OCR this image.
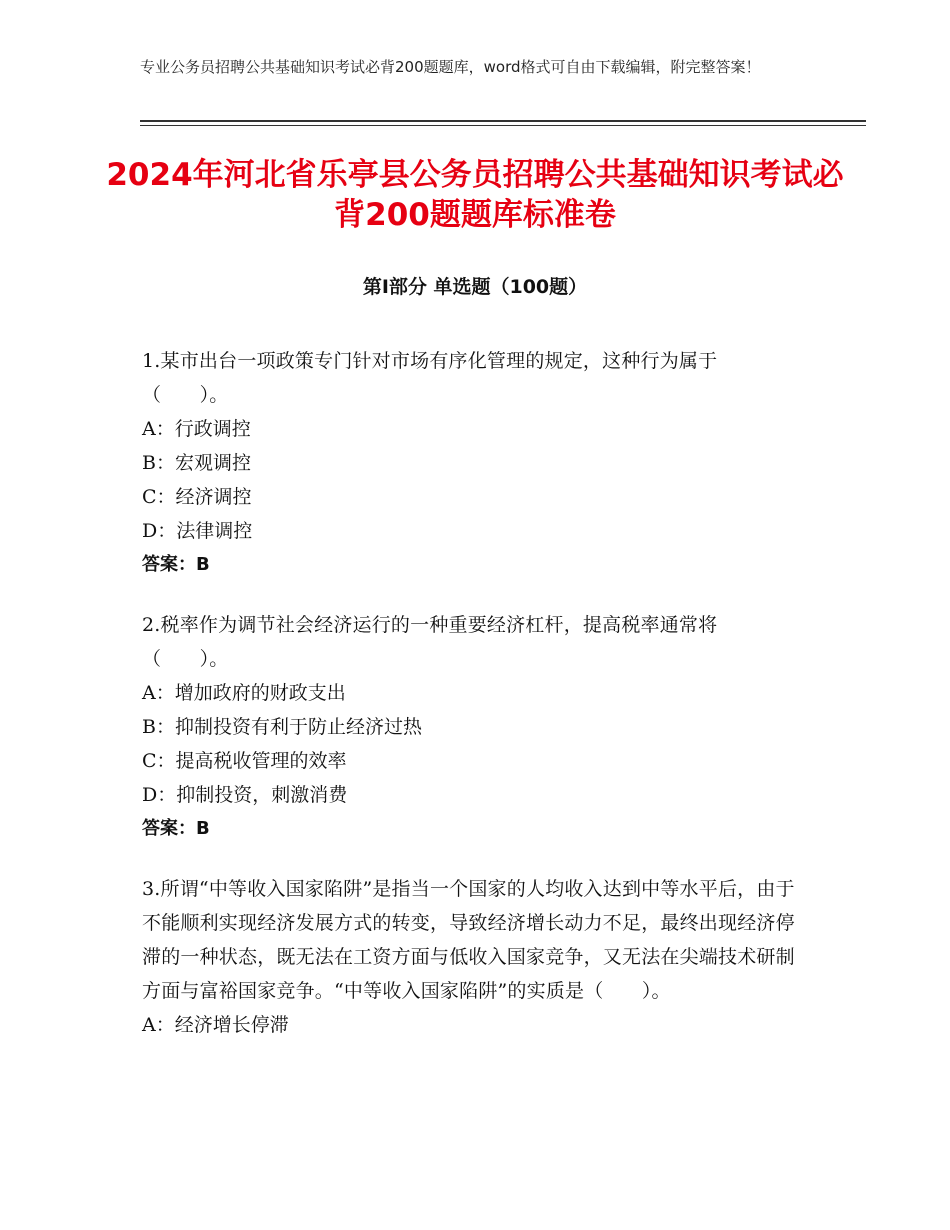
专业公务员招聘公共基础知识考试必背200题题库，word格式可自由下载编辑，附完整答案！
2024年河北省乐亭县公务员招聘公共基础知识考试必背200题题库标准卷
第Ⅰ部分 单选题（100题）

1.某市出台一项政策专门针对市场有序化管理的规定，这种行为属于（　　）。

A：行政调控

B：宏观调控

C：经济调控

D：法律调控

答案：B

2.税率作为调节社会经济运行的一种重要经济杠杆，提高税率通常将（　　）。

A：增加政府的财政支出

B：抑制投资有利于防止经济过热

C：提高税收管理的效率

D：抑制投资，刺激消费

答案：B

3.所谓“中等收入国家陷阱”是指当一个国家的人均收入达到中等水平后，由于不能顺利实现经济发展方式的转变，导致经济增长动力不足，最终出现经济停滞的一种状态，既无法在工资方面与低收入国家竞争，又无法在尖端技术研制方面与富裕国家竞争。“中等收入国家陷阱”的实质是（　　）。

A：经济增长停滞
